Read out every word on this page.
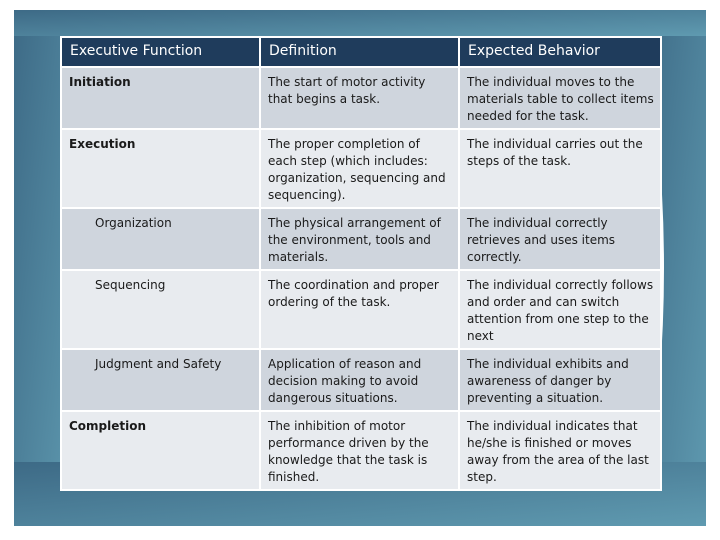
Executive Function	Definition	Expected Behavior
Initiation	The start of motor activity that begins a task.	The individual moves to the materials table to collect items needed for the task.
Execution	The proper completion of each step (which includes: organization, sequencing and sequencing).	The individual carries out the steps of the task.
Organization	The physical arrangement of the environment, tools and materials.	The individual correctly retrieves and uses items correctly.
Sequencing	The coordination and proper ordering of the task.	The individual correctly follows and order and can switch attention from one step to the next
Judgment and Safety	Application of reason and decision making to avoid dangerous situations.	The individual exhibits and awareness of danger by preventing a situation.
Completion	The inhibition of motor performance driven by the knowledge that the task is finished.	The individual indicates that he/she is finished or moves away from the area of the last step.
